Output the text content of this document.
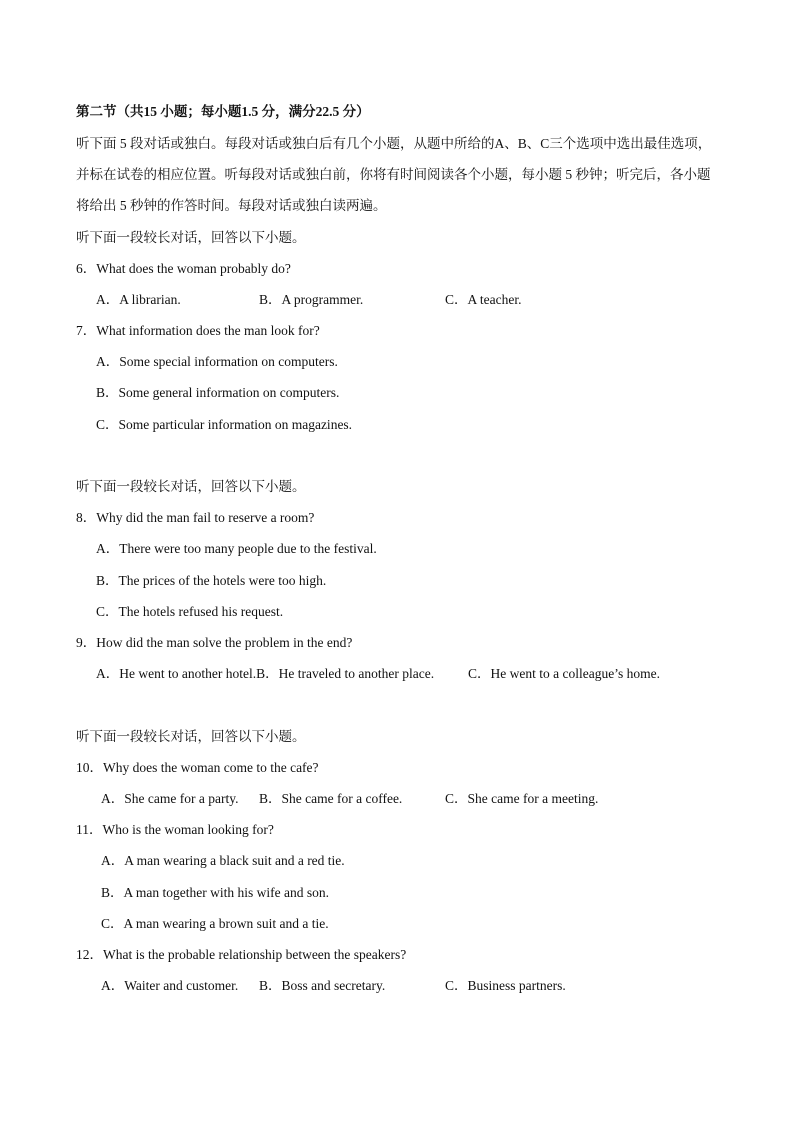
第二节（共15 小题；每小题1.5 分，满分22.5 分）
听下面 5 段对话或独白。每段对话或独白后有几个小题，从题中所给的A、B、C三个选项中选出最佳选项，并标在试卷的相应位置。听每段对话或独白前，你将有时间阅读各个小题，每小题 5 秒钟；听完后，各小题将给出 5 秒钟的作答时间。每段对话或独白读两遍。
听下面一段较长对话，回答以下小题。
6．What does the woman probably do?
A．A librarian.	B．A programmer.	C．A teacher.
7．What information does the man look for?
A．Some special information on computers.
B．Some general information on computers.
C．Some particular information on magazines.
听下面一段较长对话，回答以下小题。
8．Why did the man fail to reserve a room?
A．There were too many people due to the festival.
B．The prices of the hotels were too high.
C．The hotels refused his request.
9．How did the man solve the problem in the end?
A．He went to another hotel.B．He traveled to another place.	C．He went to a colleague’s home.
听下面一段较长对话，回答以下小题。
10．Why does the woman come to the cafe?
A．She came for a party. B．She came for a coffee.	C．She came for a meeting.
11．Who is the woman looking for?
A．A man wearing a black suit and a red tie.
B．A man together with his wife and son.
C．A man wearing a brown suit and a tie.
12．What is the probable relationship between the speakers?
A．Waiter and customer. B．Boss and secretary.	C．Business partners.
